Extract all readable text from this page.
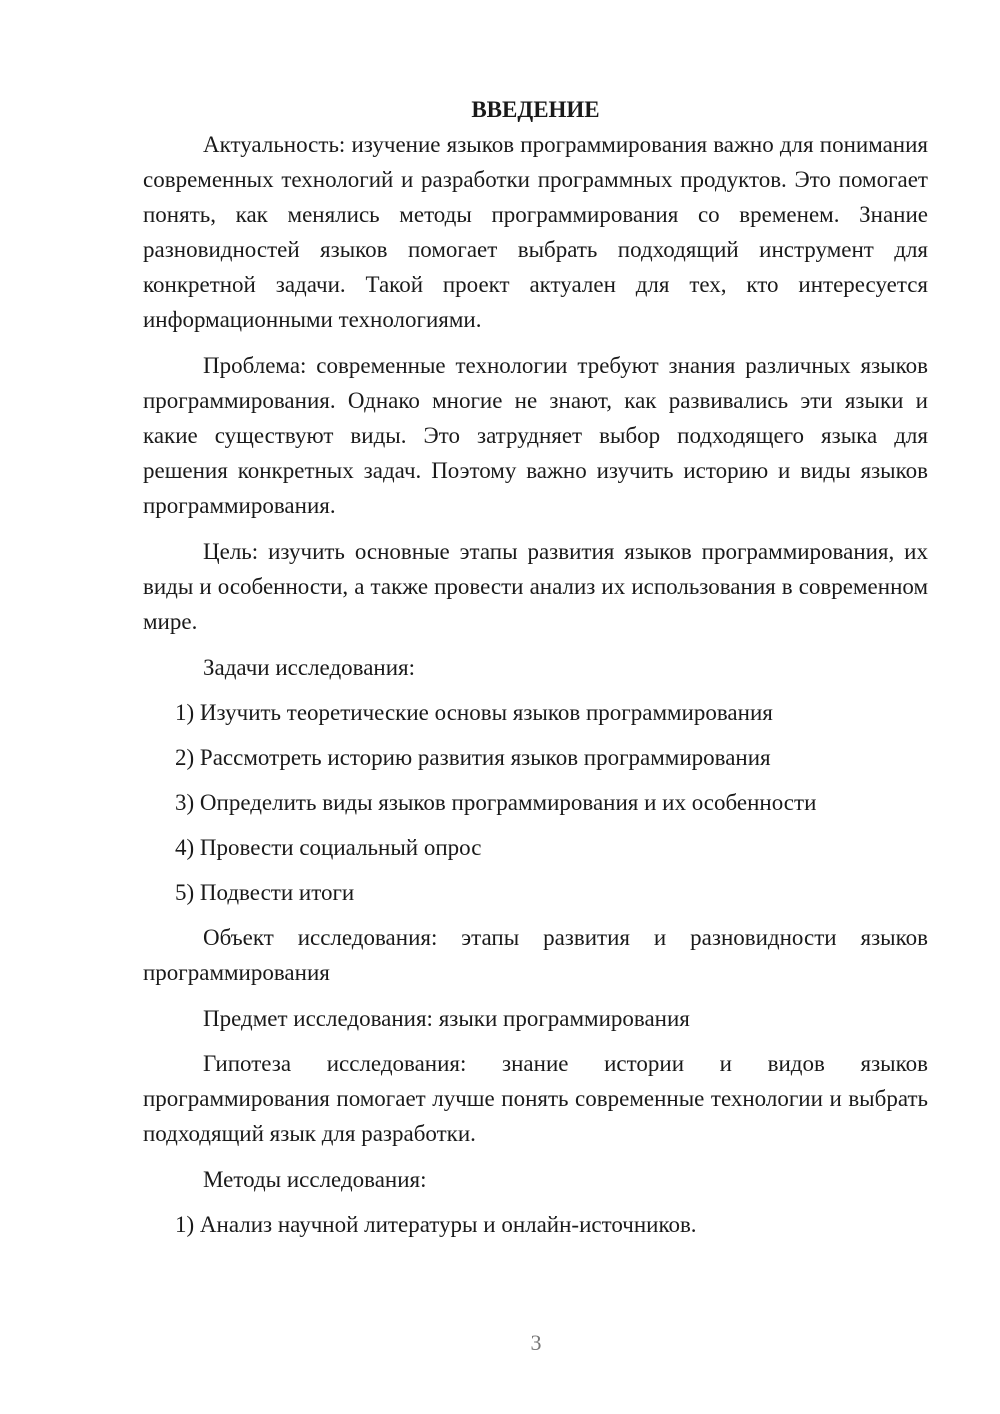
ВВЕДЕНИЕ

Актуальность: изучение языков программирования важно для понимания современных технологий и разработки программных продуктов. Это помогает понять, как менялись методы программирования со временем. Знание разновидностей языков помогает выбрать подходящий инструмент для конкретной задачи. Такой проект актуален для тех, кто интересуется информационными технологиями.

Проблема: современные технологии требуют знания различных языков программирования. Однако многие не знают, как развивались эти языки и какие существуют виды. Это затрудняет выбор подходящего языка для решения конкретных задач. Поэтому важно изучить историю и виды языков программирования.

Цель: изучить основные этапы развития языков программирования, их виды и особенности, а также провести анализ их использования в современном мире.

Задачи исследования:

1) Изучить теоретические основы языков программирования

2) Рассмотреть историю развития языков программирования

3) Определить виды языков программирования и их особенности

4) Провести социальный опрос

5) Подвести итоги

Объект исследования: этапы развития и разновидности языков программирования

Предмет исследования: языки программирования

Гипотеза исследования: знание истории и видов языков программирования помогает лучше понять современные технологии и выбрать подходящий язык для разработки.

Методы исследования:

1) Анализ научной литературы и онлайн-источников.

3
